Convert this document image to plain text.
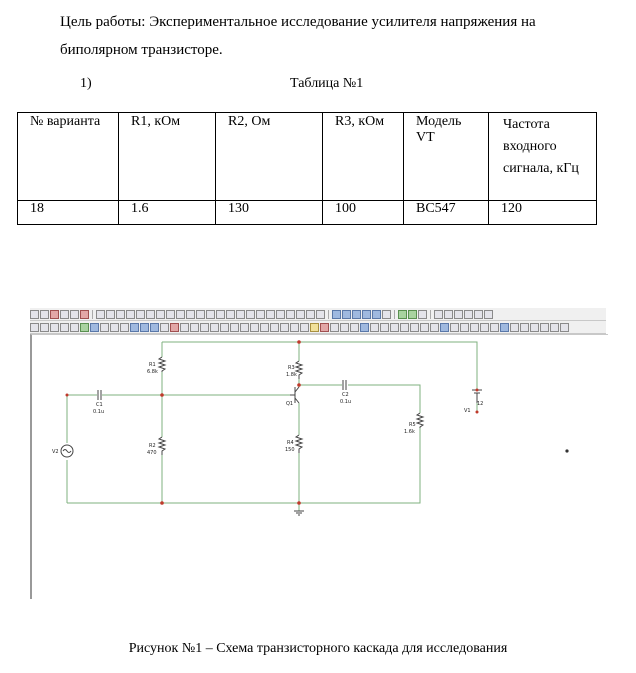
Цель работы: Экспериментальное исследование усилителя напряжения на биполярном транзисторе.
1)	Таблица №1
№ варианта	R1, кОм	R2, Ом	R3, кОм	Модель VT	Частота входного сигнала, кГц
18	1.6	130	100	BC547	120
R1
6.8k
R2
470
R3
1.8k
R4
150
R5
1.6k
C1
0.1u
C2
0.1u
Q1
V1
12
V2
Рисунок №1 – Схема транзисторного каскада для исследования
